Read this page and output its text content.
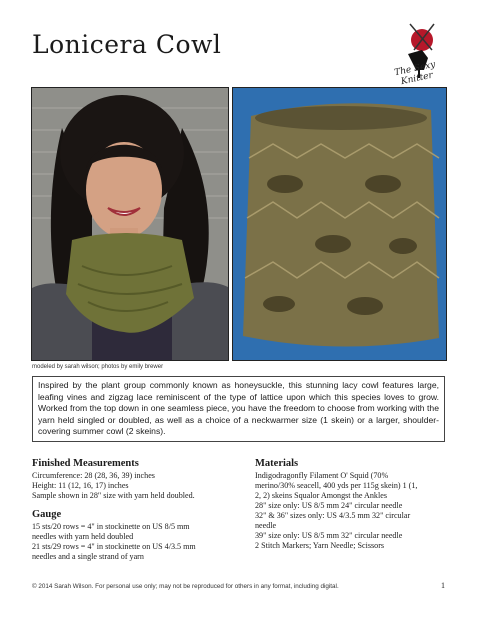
Lonicera Cowl
The Sexy Knitter
modeled by sarah wilson; photos by emily brewer

Inspired by the plant group commonly known as honeysuckle, this stunning lacy cowl features large, leafing vines and zigzag lace reminiscent of the type of lattice upon which this species loves to grow. Worked from the top down in one seamless piece, you have the freedom to choose from working with the yarn held singled or doubled, as well as a choice of a neckwarmer size (1 skein) or a larger, shoulder-covering summer cowl (2 skeins).

Finished Measurements

Circumference: 28 (28, 36, 39) inches

Height: 11 (12, 16, 17) inches

Sample shown in 28" size with yarn held doubled.

Gauge

15 sts/20 rows = 4" in stockinette on US 8/5 mm

needles with yarn held doubled

21 sts/29 rows = 4" in stockinette on US 4/3.5 mm

needles and a single strand of yarn

Materials

Indigodragonfly Filament O' Squid (70%

merino/30% seacell, 400 yds per 115g skein) 1 (1,

2, 2) skeins Squalor Amongst the Ankles

28" size only: US 8/5 mm 24" circular needle

32" & 36" sizes only: US 4/3.5 mm 32" circular

needle

39" size only: US 8/5 mm 32" circular needle

2 Stitch Markers; Yarn Needle; Scissors

© 2014 Sarah Wilson. For personal use only; may not be reproduced for others in any format, including digital.	1
